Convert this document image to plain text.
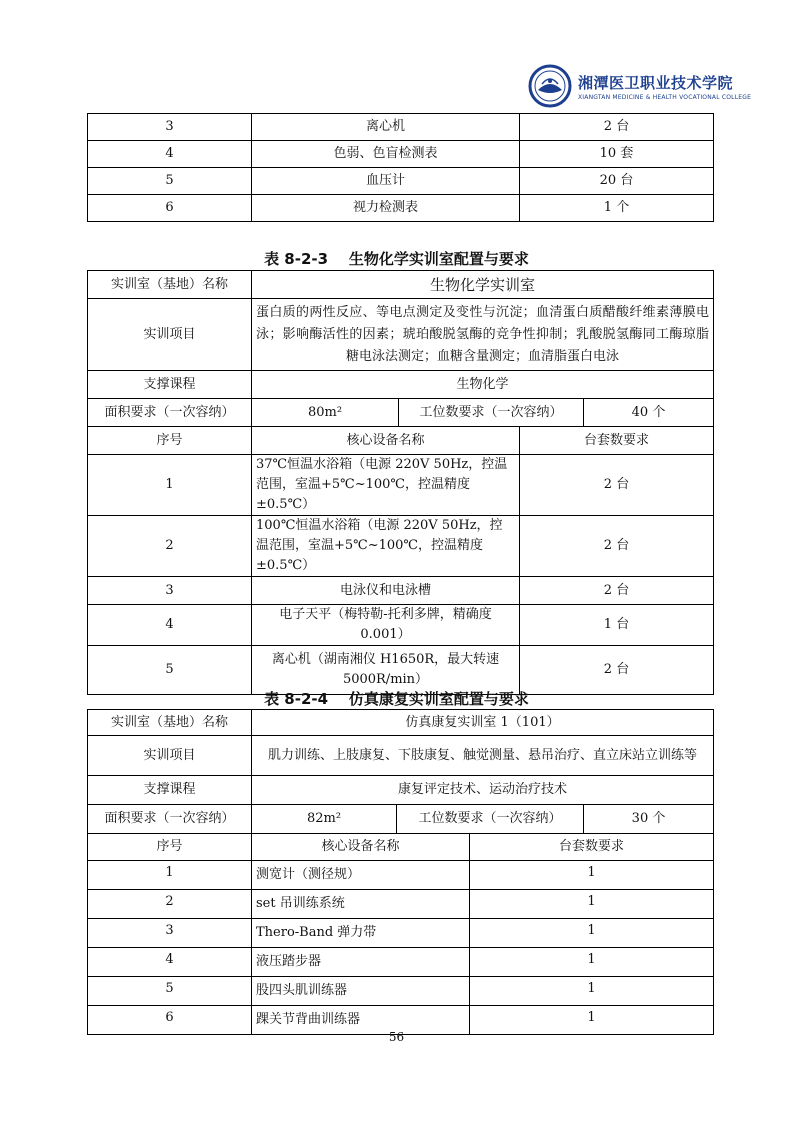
湘潭医卫职业技术学院
XIANGTAN MEDICINE & HEALTH VOCATIONAL COLLEGE
3	离心机	2 台
4	色弱、色盲检测表	10 套
5	血压计	20 台
6	视力检测表	1 个
表 8-2-3    生物化学实训室配置与要求
实训室（基地）名称	生物化学实训室			
实训项目	蛋白质的两性反应、等电点测定及变性与沉淀；血清蛋白质醋酸纤维素薄膜电泳；影响酶活性的因素；琥珀酸脱氢酶的竞争性抑制；乳酸脱氢酶同工酶琼脂糖电泳法测定；血糖含量测定；血清脂蛋白电泳			
支撑课程	生物化学			
面积要求（一次容纳）	80m²	工位数要求（一次容纳）		40 个
序号	核心设备名称		台套数要求	
1	37℃恒温水浴箱（电源 220V 50Hz，控温范围，室温+5℃~100℃，控温精度±0.5℃）		2 台	
2	100℃恒温水浴箱（电源 220V 50Hz，控温范围，室温+5℃~100℃，控温精度±0.5℃）		2 台	
3	电泳仪和电泳槽		2 台	
4	电子天平（梅特勒-托利多牌，精确度 0.001）		1 台	
5	离心机（湖南湘仪 H1650R，最大转速 5000R/min）		2 台	
表 8-2-4    仿真康复实训室配置与要求
实训室（基地）名称	仿真康复实训室 1（101）			
实训项目	肌力训练、上肢康复、下肢康复、触觉测量、悬吊治疗、直立床站立训练等			
支撑课程	康复评定技术、运动治疗技术			
面积要求（一次容纳）	82m²	工位数要求（一次容纳）		30 个
序号	核心设备名称		台套数要求	
1	测宽计（测径规）		1	
2	set 吊训练系统		1	
3	Thero-Band 弹力带		1	
4	液压踏步器		1	
5	股四头肌训练器		1	
6	踝关节背曲训练器		1	
56
